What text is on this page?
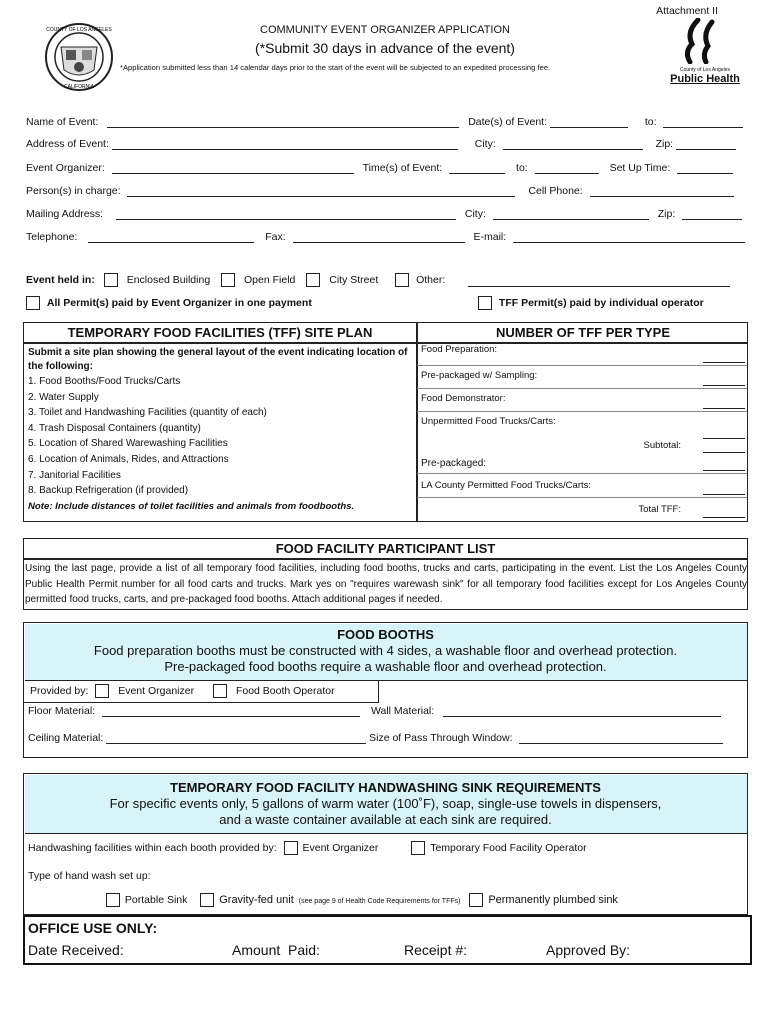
Attachment II
COUNTY OF LOS ANGELES
CALIFORNIA
COMMUNITY EVENT ORGANIZER APPLICATION
(*Submit 30 days in advance of the event)
*Application submitted less than 14 calendar days prior to the start of the event will be subjected to an expedited processing fee.	County of Los Angeles
Public Health
Name of Event:	Date(s) of Event:	to:
Address of Event:	City:	Zip:
Event Organizer:	Time(s) of Event:	to:	Set Up Time:
Person(s) in charge:	Cell Phone:
Mailing Address:	City:	Zip:
Telephone:	Fax:	E-mail:
Event held in:	Enclosed Building	Open Field	City Street	Other:
All Permit(s) paid by Event Organizer in one payment	TFF Permit(s) paid by individual operator
TEMPORARY FOOD FACILITIES (TFF) SITE PLAN	NUMBER OF TFF PER TYPE
Submit a site plan showing the general layout of the event indicating location of the following:
1. Food Booths/Food Trucks/Carts
2. Water Supply
3. Toilet and Handwashing Facilities (quantity of each)
4. Trash Disposal Containers (quantity)
5. Location of Shared Warewashing Facilities
6. Location of Animals, Rides, and Attractions
7. Janitorial Facilities
8. Backup Refrigeration (if provided)
Note: Include distances of toilet facilities and animals from foodbooths.
Food Preparation:
Pre-packaged w/ Sampling:
Food Demonstrator:
Unpermitted Food Trucks/Carts:
Subtotal:
Pre-packaged:
LA County Permitted Food Trucks/Carts:
Total TFF:
FOOD FACILITY PARTICIPANT LIST
Using the last page, provide a list of all temporary food facilities, including food booths, trucks and carts, participating in the event. List the Los Angeles County Public Health Permit number for all food carts and trucks. Mark yes on "requires warewash sink" for all temporary food facilities except for Los Angeles County permitted food trucks, carts, and pre-packaged food booths. Attach additional pages if needed.
FOOD BOOTHS
Food preparation booths must be constructed with 4 sides, a washable floor and overhead protection.
Pre-packaged food booths require a washable floor and overhead protection.
Provided by:	Event Organizer	Food Booth Operator
Floor Material:	Wall Material:
Ceiling Material:	Size of Pass Through Window:
TEMPORARY FOOD FACILITY HANDWASHING SINK REQUIREMENTS
For specific events only, 5 gallons of warm water (100˚F), soap, single-use towels in dispensers,
and a waste container available at each sink are required.
Handwashing facilities within each booth provided by: Event Organizer	Temporary Food Facility Operator
Type of hand wash set up:
Portable Sink	Gravity-fed unit (see page 9 of Health Code Requirements for TFFs)	Permanently plumbed sink
OFFICE USE ONLY:
Date Received:	Amount  Paid:	Receipt #:	Approved By:
